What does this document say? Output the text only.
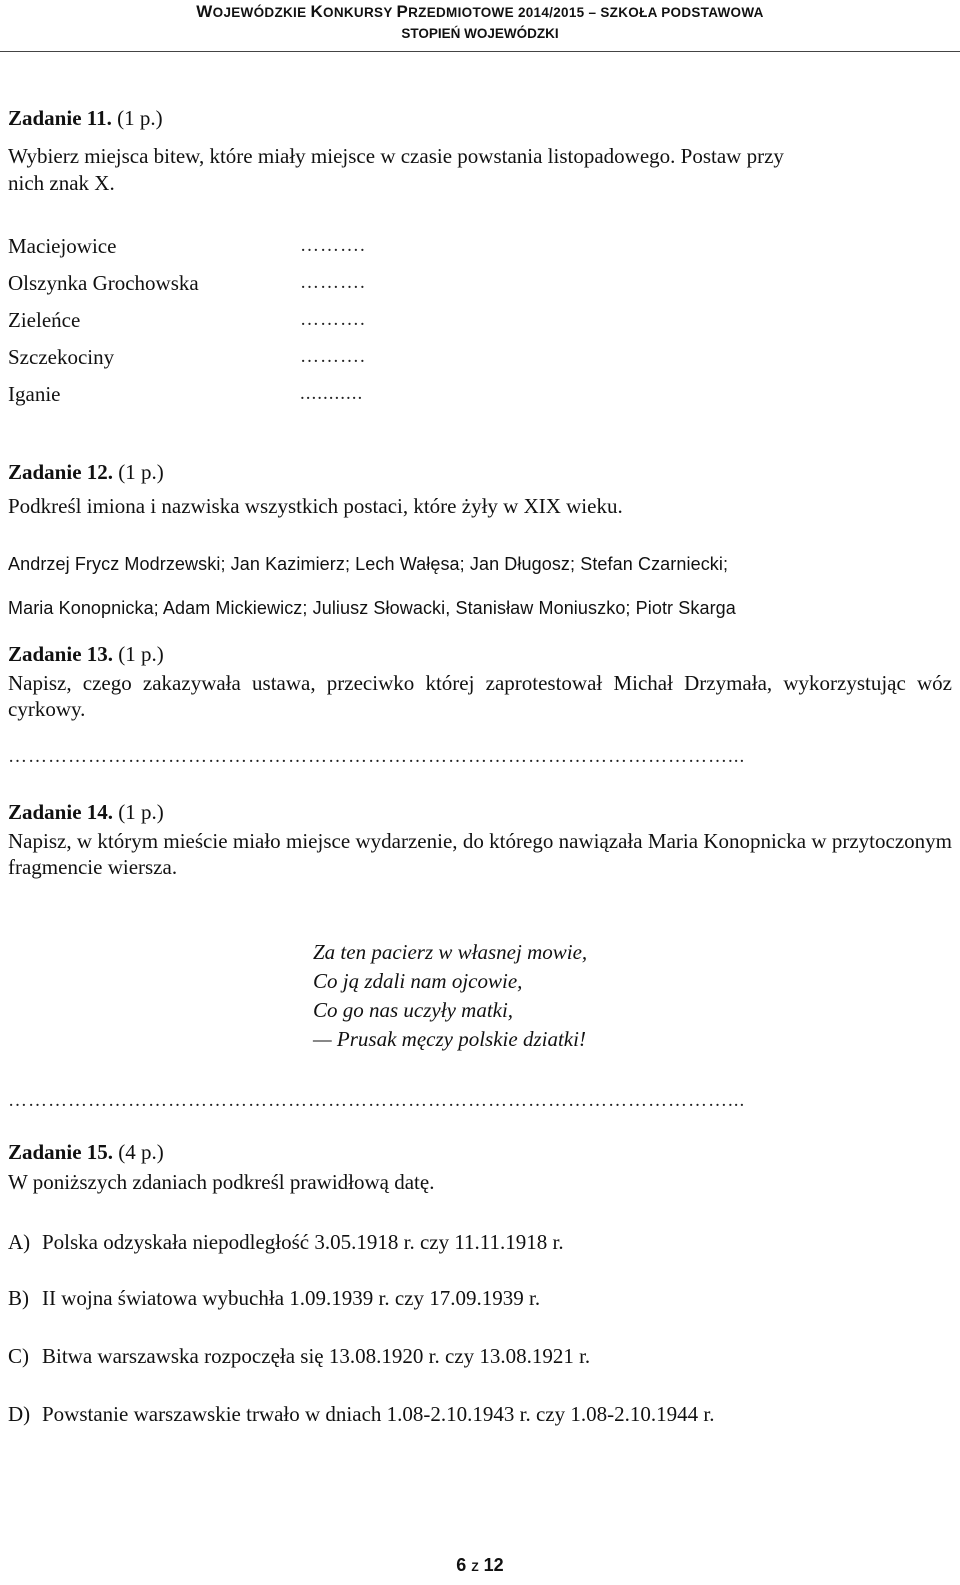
WOJEWÓDZKIE KONKURSY PRZEDMIOTOWE 2014/2015 – SZKOŁA PODSTAWOWA
STOPIEŃ WOJEWÓDZKI
Zadanie 11. (1 p.)
Wybierz miejsca bitew, które miały miejsce w czasie powstania listopadowego. Postaw przy
nich znak X.
Maciejowice	……….
Olszynka Grochowska	……….
Zieleńce	……….
Szczekociny	……….
Iganie	...........
Zadanie 12. (1 p.)
Podkreśl imiona i nazwiska wszystkich postaci, które żyły w XIX wieku.
Andrzej Frycz Modrzewski; Jan Kazimierz; Lech Wałęsa; Jan Długosz; Stefan Czarniecki;
Maria Konopnicka; Adam Mickiewicz; Juliusz Słowacki, Stanisław Moniuszko; Piotr Skarga
Zadanie 13. (1 p.)
Napisz, czego zakazywała ustawa, przeciwko której zaprotestował Michał Drzymała, wykorzystując wóz cyrkowy.
………………………………………………………………………………………………...
Zadanie 14. (1 p.)
Napisz, w którym mieście miało miejsce wydarzenie, do którego nawiązała Maria Konopnicka w przytoczonym fragmencie wiersza.
Za ten pacierz w własnej mowie,
Co ją zdali nam ojcowie,
Co go nas uczyły matki,
— Prusak męczy polskie dziatki!
………………………………………………………………………………………………...
Zadanie 15. (4 p.)
W poniższych zdaniach podkreśl prawidłową datę.
A) Polska odzyskała niepodległość 3.05.1918 r. czy 11.11.1918 r.
B) II wojna światowa wybuchła 1.09.1939 r. czy 17.09.1939 r.
C) Bitwa warszawska rozpoczęła się 13.08.1920 r. czy 13.08.1921 r.
D) Powstanie warszawskie trwało w dniach 1.08-2.10.1943 r. czy 1.08-2.10.1944 r.
6 Z 12
